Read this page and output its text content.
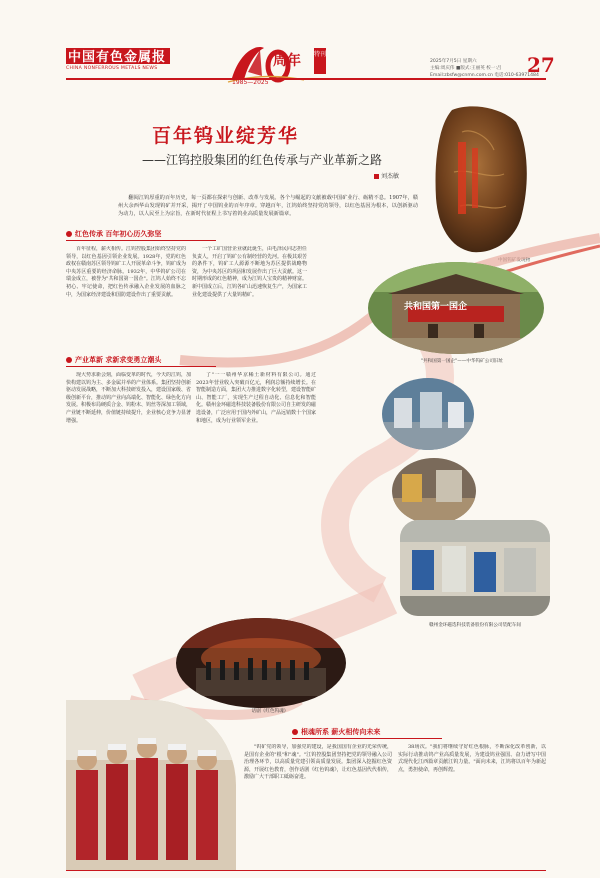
中国有色金属报
CHINA NONFERROUS METALS NEWS
1985—2025
周年 特刊
2025年7月5日 星期六
主编:周庆伟 ■版式:王丽英 校一:吕
Email:zbsfw@cnmn.com.cn 电话:010-63971484
27
百年钨业绽芳华
——江钨控股集团的红色传承与产业革新之路
刘杰敏
翻阅江钨厚重的百年历史，每一页都在探索与创新、改革与发展。各个与崛起的文献被载中国矿业行、砺精不息。1907年，赣州大余西华山发现钨矿并开采，揭开了中国钨业的百年序章。穿越百年，江钨始终坚持党的领导，以红色基因为根本，以创新驱动为动力，以人民至上为宗旨，在新时代征程上书写着钨业高质量发展新篇章。
中国钨矿发现物
红色传承 百年初心历久弥坚
百年征程，薪火相传。江钨控股集团始终坚持党的领导，以红色基因引领企业发展。1928年，党的红色政权在赣南苏区领导钨矿工人开展革命斗争，钨矿成为中央苏区重要的经济命脉。1932年，中华钨矿公司在瑞金成立，被誉为"共和国第一国企"。江钨人始终不忘初心、牢记使命，把红色传承融入企业发展的血脉之中，为国家经济建设和国防建设作出了重要贡献。
一个工矿国营企业就此诞生，由毛泽民同志担任负责人，开启了钨矿公有制经营的先河。在极其艰苦的条件下，钨矿工人源源不断地为苏区提供战略物资，为中央苏区的巩固和发展作出了巨大贡献。这一时期形成的红色精神，成为江钨人宝贵的精神财富。新中国成立后，江钨各矿山迅速恢复生产，为国家工业化建设提供了大量钨精矿。
共和国第一国企
"共和国第一国企"——中华钨矿公司旧址
产业革新 求新求变勇立潮头
现大势求新会刻，面临变革的时代，今天的江钨，加快构建以钨为主、多金属并举的产业体系。集团坚持创新驱动发展战略，不断加大科技研发投入，建设国家级、省级创新平台，推动钨产业向高端化、智能化、绿色化方向发展。积极布局硬质合金、钨粉末、钨丝等深加工领域，产业链不断延伸，价值链持续提升，企业核心竞争力显著增强。
了"一一赣州华京稀土新材料有限公司。通过2023年营业收入突破百亿元，利润总额持续增长。在智能制造方面，集团大力推进数字化转型，建设智能矿山、智能工厂，实现生产过程自动化、信息化和智能化。赣州金环磁选科技装备股份有限公司自主研发的磁选设备，广泛应用于国内外矿山，产品远销数十个国家和地区，成为行业领军企业。
赣州金环磁选科技装备股份有限公司装配车间
话剧《红色钨魂》
根魂所系 薪火相传向未来
"钨矿党的领导，加强党的建设，是我国国有企业的光荣传统，是国有企业的"根"和"魂"。"江钨控股集团坚持把党的领导融入公司治理各环节，以高质量党建引领高质量发展。集团深入挖掘红色资源，开展红色教育，创作话剧《红色钨魂》，让红色基因代代相传，激励广大干部职工砥砺奋进。
38场次。"我们将继续守好红色根脉，不断深化改革创新，以实际行动推动钨产业高质量发展，为建设钨业强国、奋力谱写中国式现代化江西篇章贡献江钨力量。"面向未来，江钨将以百年为新起点，勇担使命，再创辉煌。
